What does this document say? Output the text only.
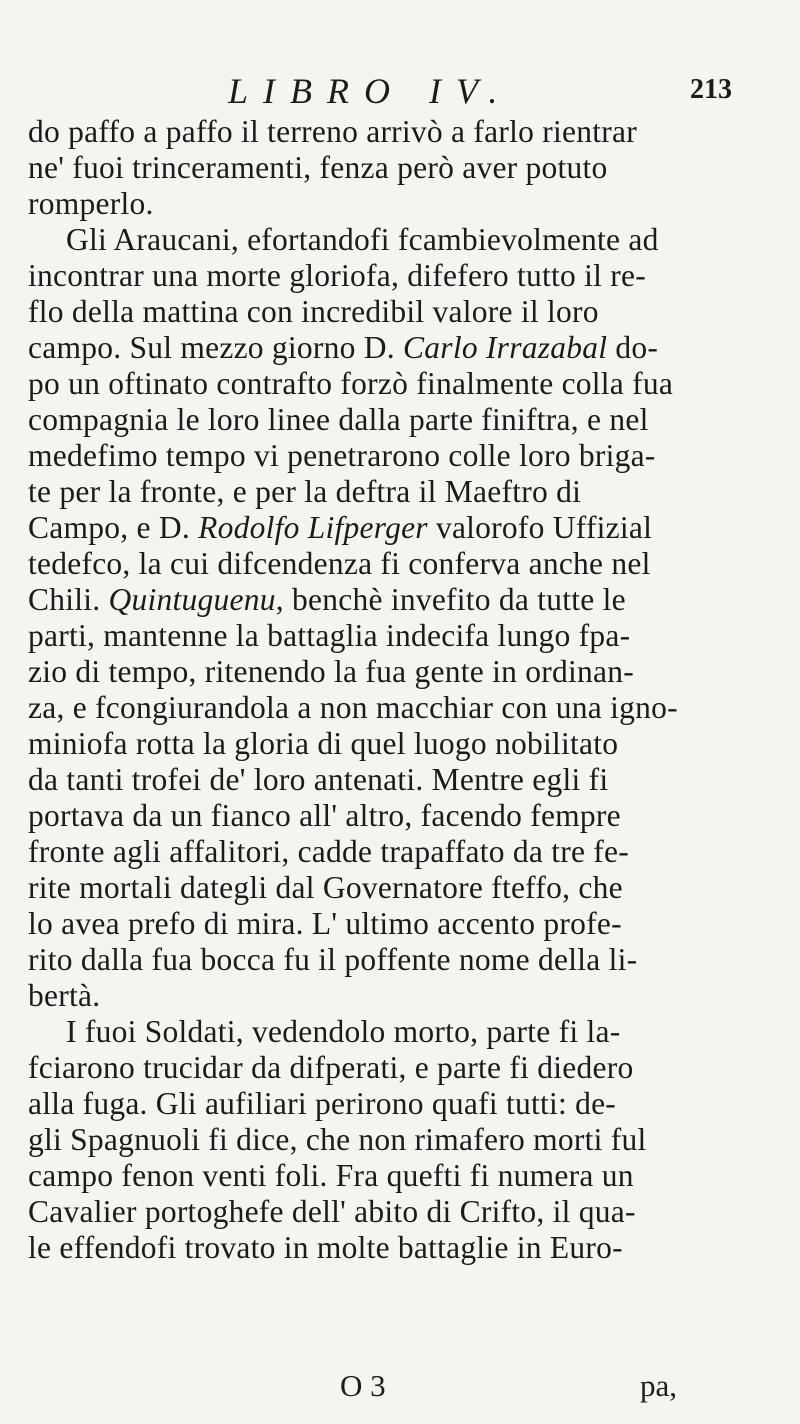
LIBRO IV.	213
do paffo a paffo il terreno arrivò a farlo rientrar
ne' fuoi trinceramenti, fenza però aver potuto
romperlo.
Gli Araucani, efortandofi fcambievolmente ad
incontrar una morte gloriofa, difefero tutto il re-
flo della mattina con incredibil valore il loro
campo. Sul mezzo giorno D. Carlo Irrazabal do-
po un oftinato contrafto forzò finalmente colla fua
compagnia le loro linee dalla parte finiftra, e nel
medefimo tempo vi penetrarono colle loro briga-
te per la fronte, e per la deftra il Maeftro di
Campo, e D. Rodolfo Lifperger valorofo Uffizial
tedefco, la cui difcendenza fi conferva anche nel
Chili. Quintuguenu, benchè invefito da tutte le
parti, mantenne la battaglia indecifa lungo fpa-
zio di tempo, ritenendo la fua gente in ordinan-
za, e fcongiurandola a non macchiar con una igno-
miniofa rotta la gloria di quel luogo nobilitato
da tanti trofei de' loro antenati. Mentre egli fi
portava da un fianco all' altro, facendo fempre
fronte agli affalitori, cadde trapaffato da tre fe-
rite mortali dategli dal Governatore fteffo, che
lo avea prefo di mira. L' ultimo accento profe-
rito dalla fua bocca fu il poffente nome della li-
bertà.
I fuoi Soldati, vedendolo morto, parte fi la-
fciarono trucidar da difperati, e parte fi diedero
alla fuga. Gli aufiliari perirono quafi tutti: de-
gli Spagnuoli fi dice, che non rimafero morti ful
campo fenon venti foli. Fra quefti fi numera un
Cavalier portoghefe dell' abito di Crifto, il qua-
le effendofi trovato in molte battaglie in Euro-
O 3	pa,
